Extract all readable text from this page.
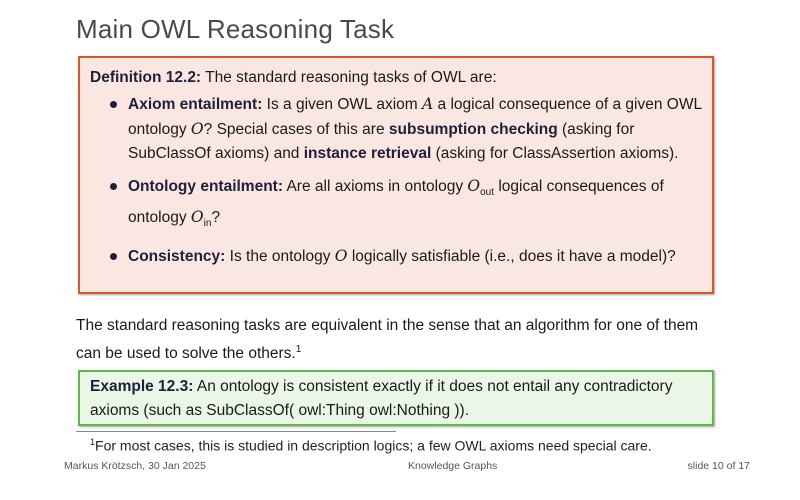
Main OWL Reasoning Task
Definition 12.2: The standard reasoning tasks of OWL are:
Axiom entailment: Is a given OWL axiom A a logical consequence of a given OWL ontology O? Special cases of this are subsumption checking (asking for SubClassOf axioms) and instance retrieval (asking for ClassAssertion axioms).
Ontology entailment: Are all axioms in ontology $O_{out}$ logical consequences of ontology $O_{in}$?
Consistency: Is the ontology O logically satisfiable (i.e., does it have a model)?
The standard reasoning tasks are equivalent in the sense that an algorithm for one of them can be used to solve the others.$^1$
Example 12.3: An ontology is consistent exactly if it does not entail any contradictory axioms (such as SubClassOf( owl:Thing owl:Nothing )).
$^1$For most cases, this is studied in description logics; a few OWL axioms need special care.
Markus Krötzsch, 30 Jan 2025	Knowledge Graphs	slide 10 of 17
